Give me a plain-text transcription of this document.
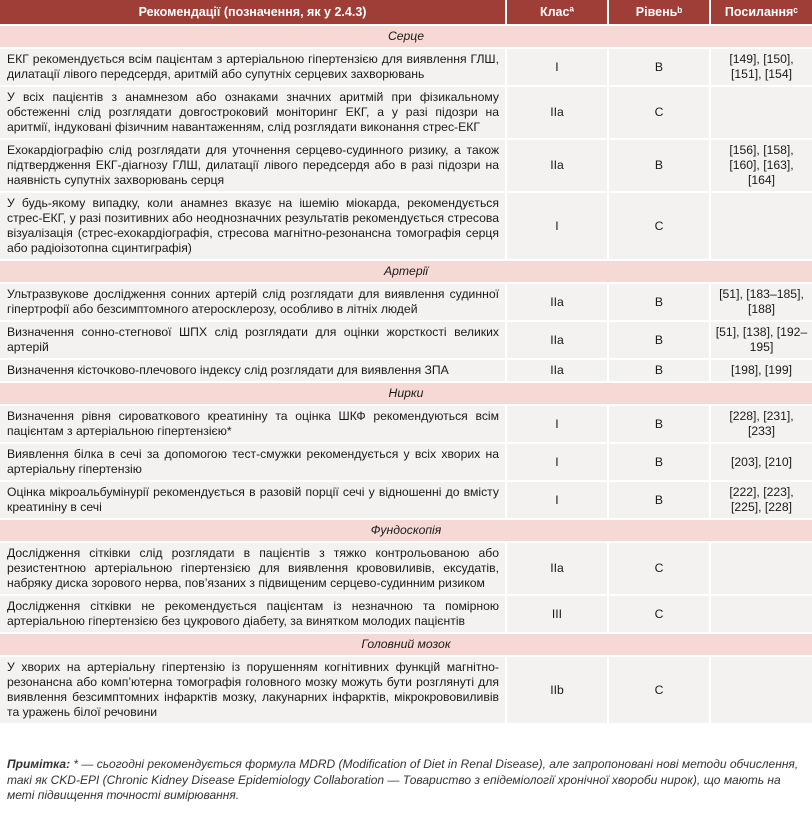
Рекомендації (позначення, як у 2.4.3)	Класª	Рівеньᵇ	Посиланняᶜ
Серце			
ЕКГ рекомендується всім пацієнтам з артеріальною гіпертензією для виявлення ГЛШ, дилатації лівого передсердя, аритмій або супутніх серцевих захворювань	I	B	[149], [150], [151], [154]
У всіх пацієнтів з анамнезом або ознаками значних аритмій при фізикальному обстеженні слід розглядати довгостроковий моніторинг ЕКГ, а у разі підозри на аритмії, індуковані фізичним навантаженням, слід розглядати виконання стрес-ЕКГ	IIa	C	
Ехокардіографію слід розглядати для уточнення серцево-судинного ризику, а також підтвердження ЕКГ-діагнозу ГЛШ, дилатації лівого передсердя або в разі підозри на наявність супутніх захворювань серця	IIa	B	[156], [158], [160], [163], [164]
У будь-якому випадку, коли анамнез вказує на ішемію міокарда, рекомендується стрес-ЕКГ, у разі позитивних або неоднозначних результатів рекомендується стресова візуалізація (стрес-ехокардіографія, стресова магнітно-резонансна томографія серця або радіоізотопна сцинтиграфія)	I	C	
Артерії			
Ультразвукове дослідження сонних артерій слід розглядати для виявлення судинної гіпертрофії або безсимптомного атеросклерозу, особливо в літніх людей	IIa	B	[51], [183–185], [188]
Визначення сонно-стегнової ШПХ слід розглядати для оцінки жорсткості великих артерій	IIa	B	[51], [138], [192–195]
Визначення кісточково-плечового індексу слід розглядати для виявлення ЗПА	IIa	B	[198], [199]
Нирки			
Визначення рівня сироваткового креатиніну та оцінка ШКФ рекомендуються всім пацієнтам з артеріальною гіпертензією*	I	B	[228], [231], [233]
Виявлення білка в сечі за допомогою тест-смужки рекомендується у всіх хворих на артеріальну гіпертензію	I	B	[203], [210]
Оцінка мікроальбумінурії рекомендується в разовій порції сечі у відношенні до вмісту креатиніну в сечі	I	B	[222], [223], [225], [228]
Фундоскопія			
Дослідження сітківки слід розглядати в пацієнтів з тяжко контрольованою або резистентною артеріальною гіпертензією для виявлення крововиливів, ексудатів, набряку диска зорового нерва, пов’язаних з підвищеним серцево-судинним ризиком	IIa	C	
Дослідження сітківки не рекомендується пацієнтам із незначною та помірною артеріальною гіпертензією без цукрового діабету, за винятком молодих пацієнтів	III	C	
Головний мозок			
У хворих на артеріальну гіпертензію із порушенням когнітивних функцій магнітно-резонансна або комп’ютерна томографія головного мозку можуть бути розглянуті для виявлення безсимптомних інфарктів мозку, лакунарних інфарктів, мікрокрововиливів та уражень білої речовини	IIb	C	
Примітка: * — сьогодні рекомендується формула MDRD (Modification of Diet in Renal Disease), але запропоновані нові методи обчислення, такі як CKD-EPI (Chronic Kidney Disease Epidemiology Collaboration — Товариство з епідеміології хронічної хвороби нирок), що мають на меті підвищення точності вимірювання.
